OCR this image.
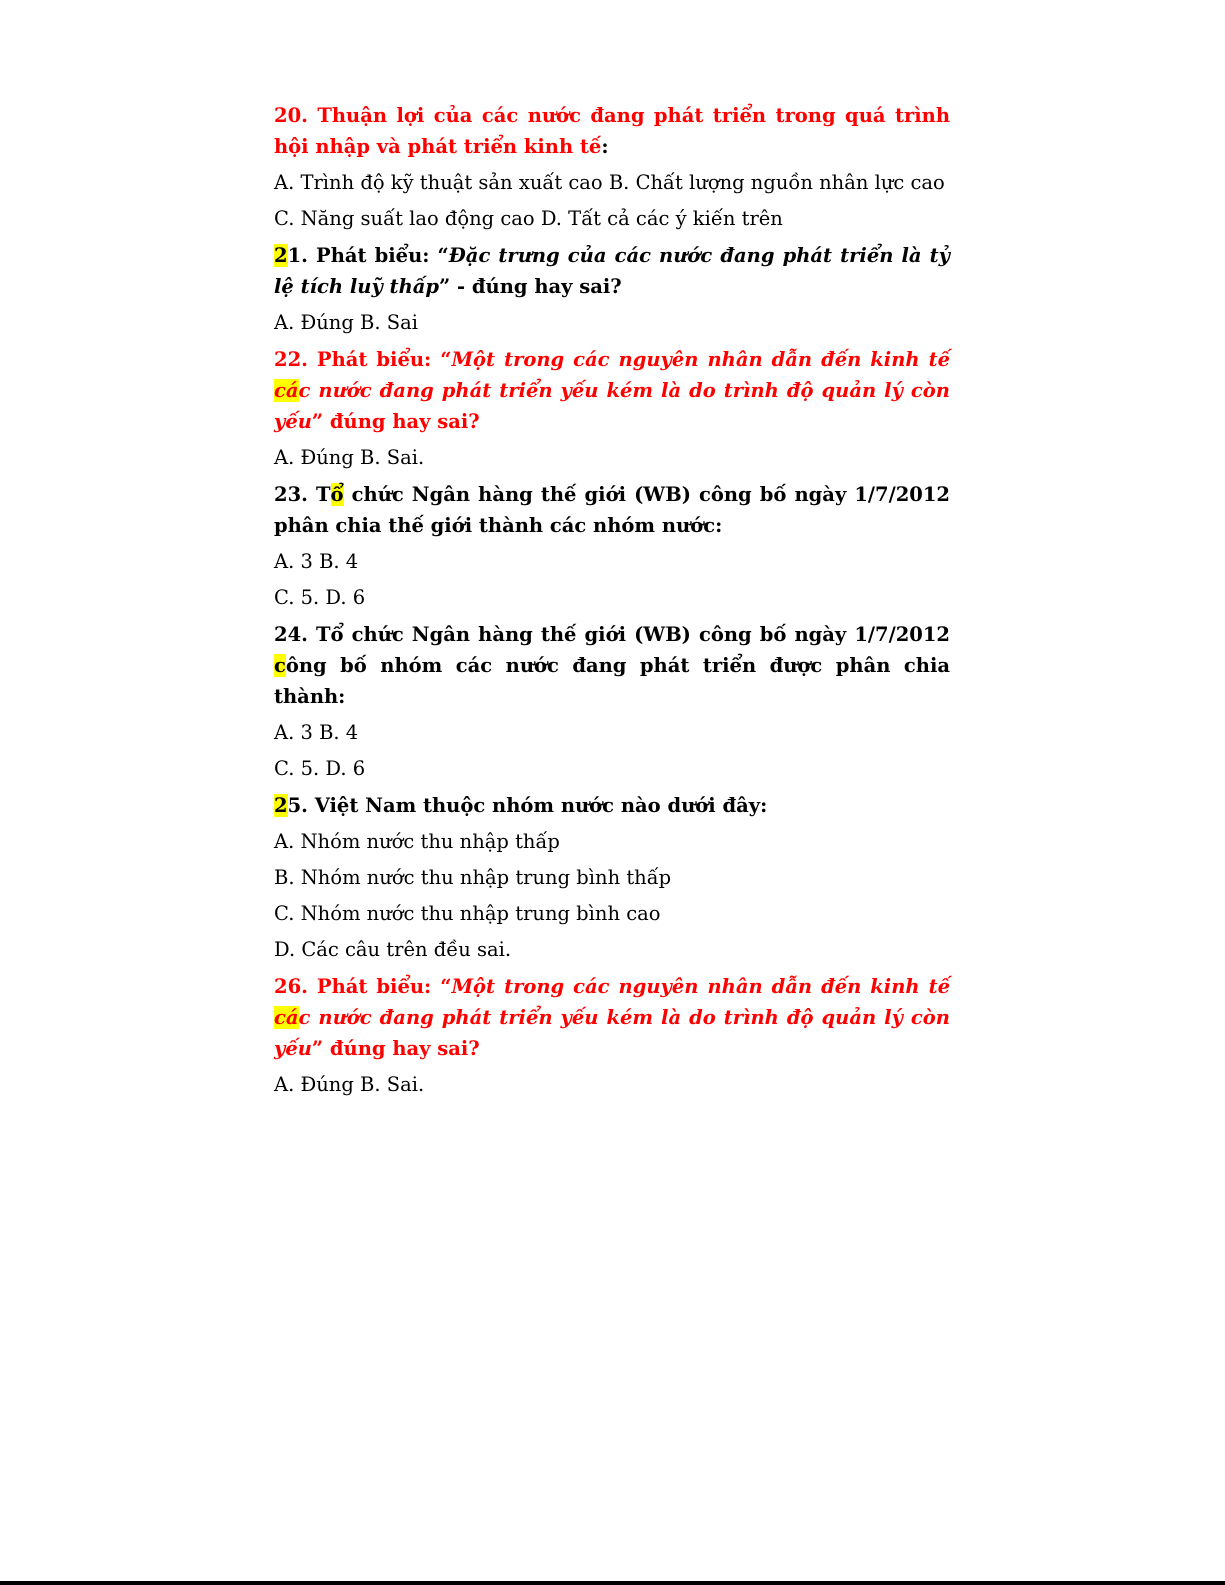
20. Thuận lợi của các nước đang phát triển trong quá trình hội nhập và phát triển kinh tế:

A. Trình độ kỹ thuật sản xuất cao B. Chất lượng nguồn nhân lực cao

C. Năng suất lao động cao D. Tất cả các ý kiến trên

21. Phát biểu: “Đặc trưng của các nước đang phát triển là tỷ lệ tích luỹ thấp” - đúng hay sai?

A. Đúng B. Sai

22. Phát biểu: “Một trong các nguyên nhân dẫn đến kinh tế các nước đang phát triển yếu kém là do trình độ quản lý còn yếu” đúng hay sai?

A. Đúng B. Sai.

23. Tổ chức Ngân hàng thế giới (WB) công bố ngày 1/7/2012 phân chia thế giới thành các nhóm nước:

A. 3 B. 4

C. 5. D. 6

24. Tổ chức Ngân hàng thế giới (WB) công bố ngày 1/7/2012 công bố nhóm các nước đang phát triển được phân chia thành:

A. 3 B. 4

C. 5. D. 6

25. Việt Nam thuộc nhóm nước nào dưới đây:

A. Nhóm nước thu nhập thấp

B. Nhóm nước thu nhập trung bình thấp

C. Nhóm nước thu nhập trung bình cao

D. Các câu trên đều sai.

26. Phát biểu: “Một trong các nguyên nhân dẫn đến kinh tế các nước đang phát triển yếu kém là do trình độ quản lý còn yếu” đúng hay sai?

A. Đúng B. Sai.
